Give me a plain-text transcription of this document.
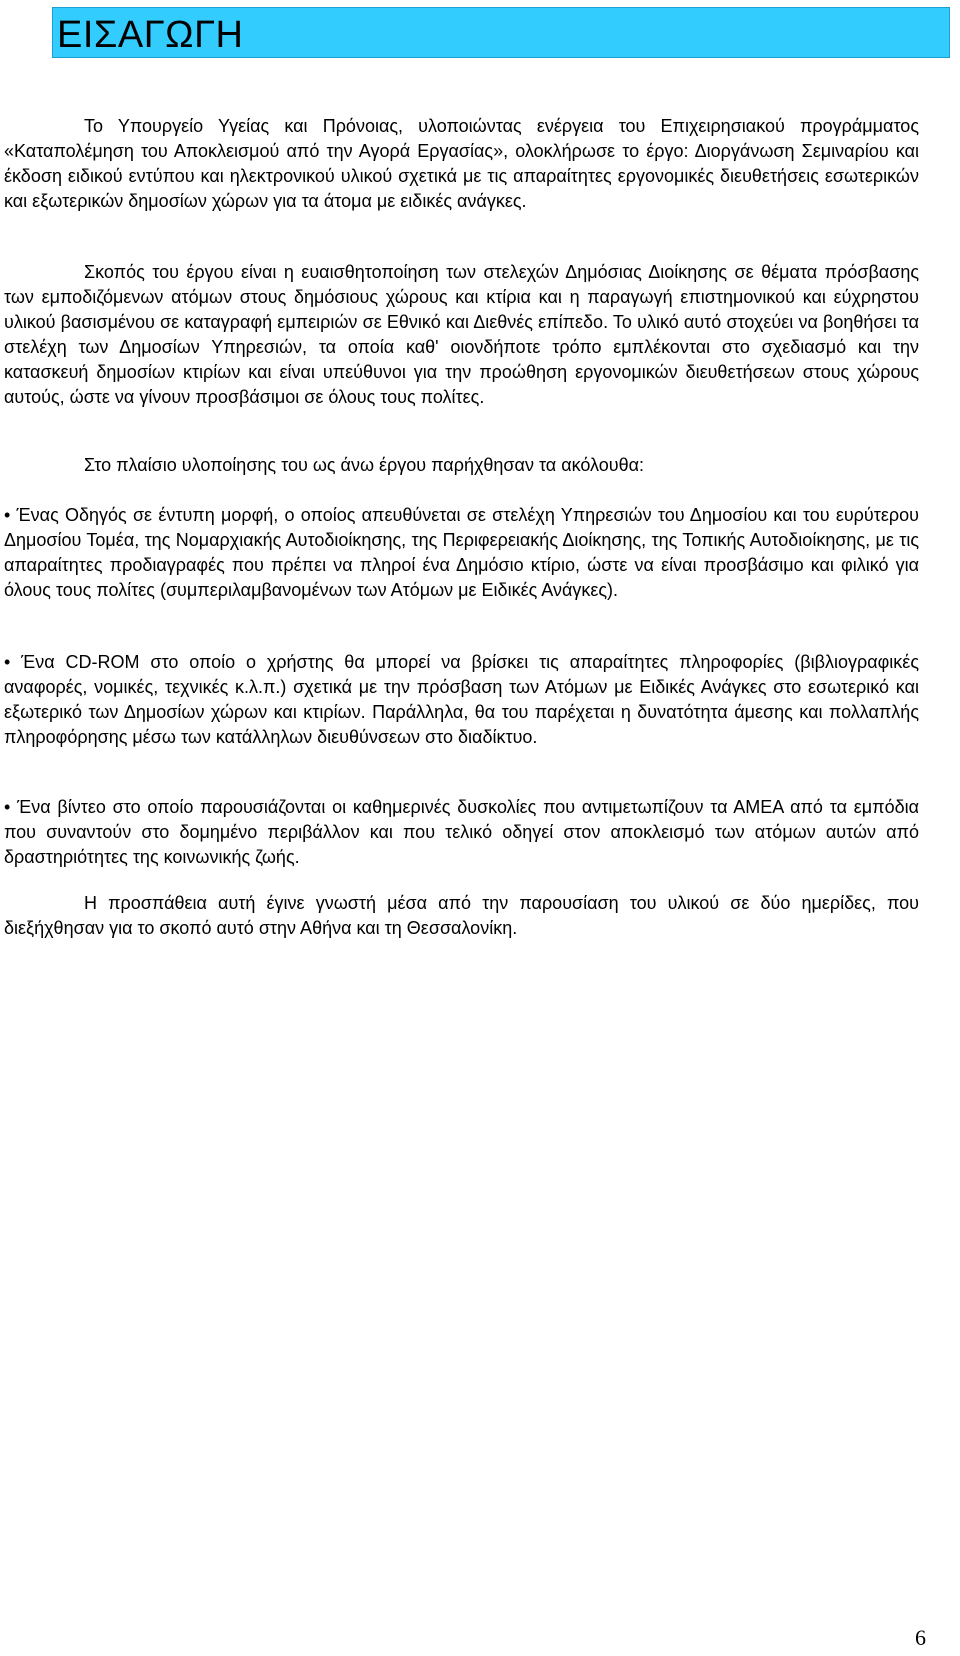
ΕΙΣΑΓΩΓΗ

Το Υπουργείο Υγείας και Πρόνοιας, υλοποιώντας ενέργεια του Επιχειρησιακού προγράμματος «Καταπολέμηση του Αποκλεισμού από την Αγορά Εργασίας», ολοκλήρωσε το έργο: Διοργάνωση Σεμιναρίου και έκδοση ειδικού εντύπου και ηλεκτρονικού υλικού σχετικά με τις απαραίτητες εργονομικές διευθετήσεις εσωτερικών και εξωτερικών δημοσίων χώρων για τα άτομα με ειδικές ανάγκες.

Σκοπός του έργου είναι η ευαισθητοποίηση των στελεχών Δημόσιας Διοίκησης σε θέματα πρόσβασης των εμποδιζόμενων ατόμων στους δημόσιους χώρους και κτίρια και η παραγωγή επιστημονικού και εύχρηστου υλικού βασισμένου σε καταγραφή εμπειριών σε Εθνικό και Διεθνές επίπεδο. Το υλικό αυτό στοχεύει να βοηθήσει τα στελέχη των Δημοσίων Υπηρεσιών, τα οποία καθ' οιονδήποτε τρόπο εμπλέκονται στο σχεδιασμό και την κατασκευή δημοσίων κτιρίων και είναι υπεύθυνοι για την προώθηση εργονομικών διευθετήσεων στους χώρους αυτούς, ώστε να γίνουν προσβάσιμοι σε όλους τους πολίτες.

Στο πλαίσιο υλοποίησης του ως άνω έργου παρήχθησαν τα ακόλουθα:

• Ένας Οδηγός σε έντυπη μορφή, ο οποίος απευθύνεται σε στελέχη Υπηρεσιών του Δημοσίου και του ευρύτερου Δημοσίου Τομέα, της Νομαρχιακής Αυτοδιοίκησης, της Περιφερειακής Διοίκησης, της Τοπικής Αυτοδιοίκησης, με τις απαραίτητες προδιαγραφές που πρέπει να πληροί ένα Δημόσιο κτίριο, ώστε να είναι προσβάσιμο και φιλικό για όλους τους πολίτες (συμπεριλαμβανομένων των Ατόμων με Ειδικές Ανάγκες).

• Ένα CD-ROM στο οποίο ο χρήστης θα μπορεί να βρίσκει τις απαραίτητες πληροφορίες (βιβλιογραφικές αναφορές, νομικές, τεχνικές κ.λ.π.) σχετικά με την πρόσβαση των Ατόμων με Ειδικές Ανάγκες στο εσωτερικό και εξωτερικό των Δημοσίων χώρων και κτιρίων. Παράλληλα, θα του παρέχεται η δυνατότητα άμεσης και πολλαπλής πληροφόρησης μέσω των κατάλληλων διευθύνσεων στο διαδίκτυο.

• Ένα βίντεο στο οποίο παρουσιάζονται οι καθημερινές δυσκολίες που αντιμετωπίζουν τα ΑΜΕΑ από τα εμπόδια που συναντούν στο δομημένο περιβάλλον και που τελικό οδηγεί στον αποκλεισμό των ατόμων αυτών από δραστηριότητες της κοινωνικής ζωής.

Η προσπάθεια αυτή έγινε γνωστή μέσα από την παρουσίαση του υλικού σε δύο ημερίδες, που διεξήχθησαν για το σκοπό αυτό στην Αθήνα και τη Θεσσαλονίκη.

6
